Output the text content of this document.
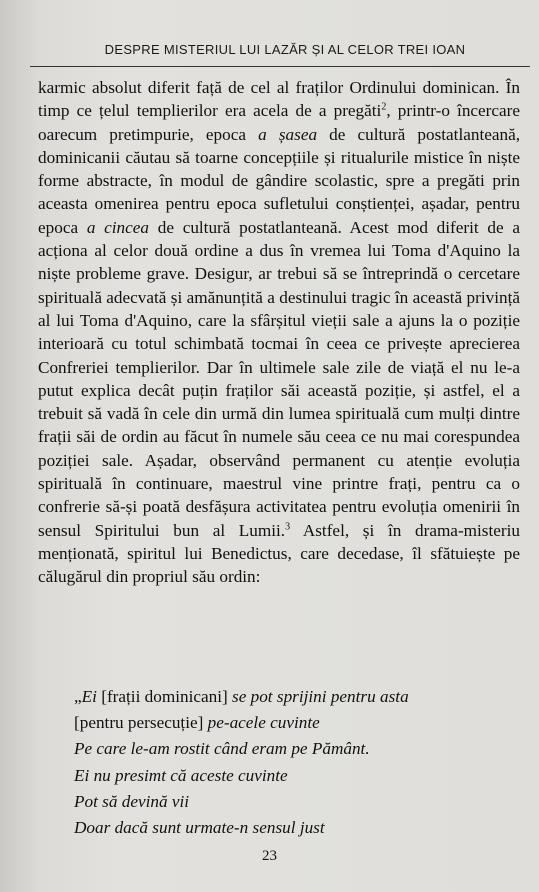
DESPRE MISTERIUL LUI LAZĂR ȘI AL CELOR TREI IOAN

karmic absolut diferit față de cel al fraților Ordinului dominican. În timp ce țelul templierilor era acela de a pregăti$^2$, printr-o încercare oarecum pretimpurie, epoca a șasea de cultură postatlanteană, dominicanii căutau să toarne concepțiile și ritualurile mistice în niște forme abstracte, în modul de gândire scolastic, spre a pregăti prin aceasta omenirea pentru epoca sufletului conștienței, așadar, pentru epoca a cincea de cultură postatlanteană. Acest mod diferit de a acționa al celor două ordine a dus în vremea lui Toma d'Aquino la niște probleme grave. Desigur, ar trebui să se întreprindă o cercetare spirituală adecvată și amănunțită a destinului tragic în această privință al lui Toma d'Aquino, care la sfârșitul vieții sale a ajuns la o poziție interioară cu totul schimbată tocmai în ceea ce privește aprecierea Confreriei templierilor. Dar în ultimele sale zile de viață el nu le-a putut explica decât puțin fraților săi această poziție, și astfel, el a trebuit să vadă în cele din urmă din lumea spirituală cum mulți dintre frații săi de ordin au făcut în numele său ceea ce nu mai corespundea poziției sale. Așadar, observând permanent cu atenție evoluția spirituală în continuare, maestrul vine printre frați, pentru ca o confrerie să-și poată desfășura activitatea pentru evoluția omenirii în sensul Spiritului bun al Lumii.$^3$ Astfel, și în drama-misteriu menționată, spiritul lui Benedictus, care decedase, îl sfătuiește pe călugărul din propriul său ordin:

„Ei [frații dominicani] se pot sprijini pentru asta
[pentru persecuție] pe-acele cuvinte
Pe care le-am rostit când eram pe Pământ.
Ei nu presimt că aceste cuvinte
Pot să devină vii
Doar dacă sunt urmate-n sensul just
23
